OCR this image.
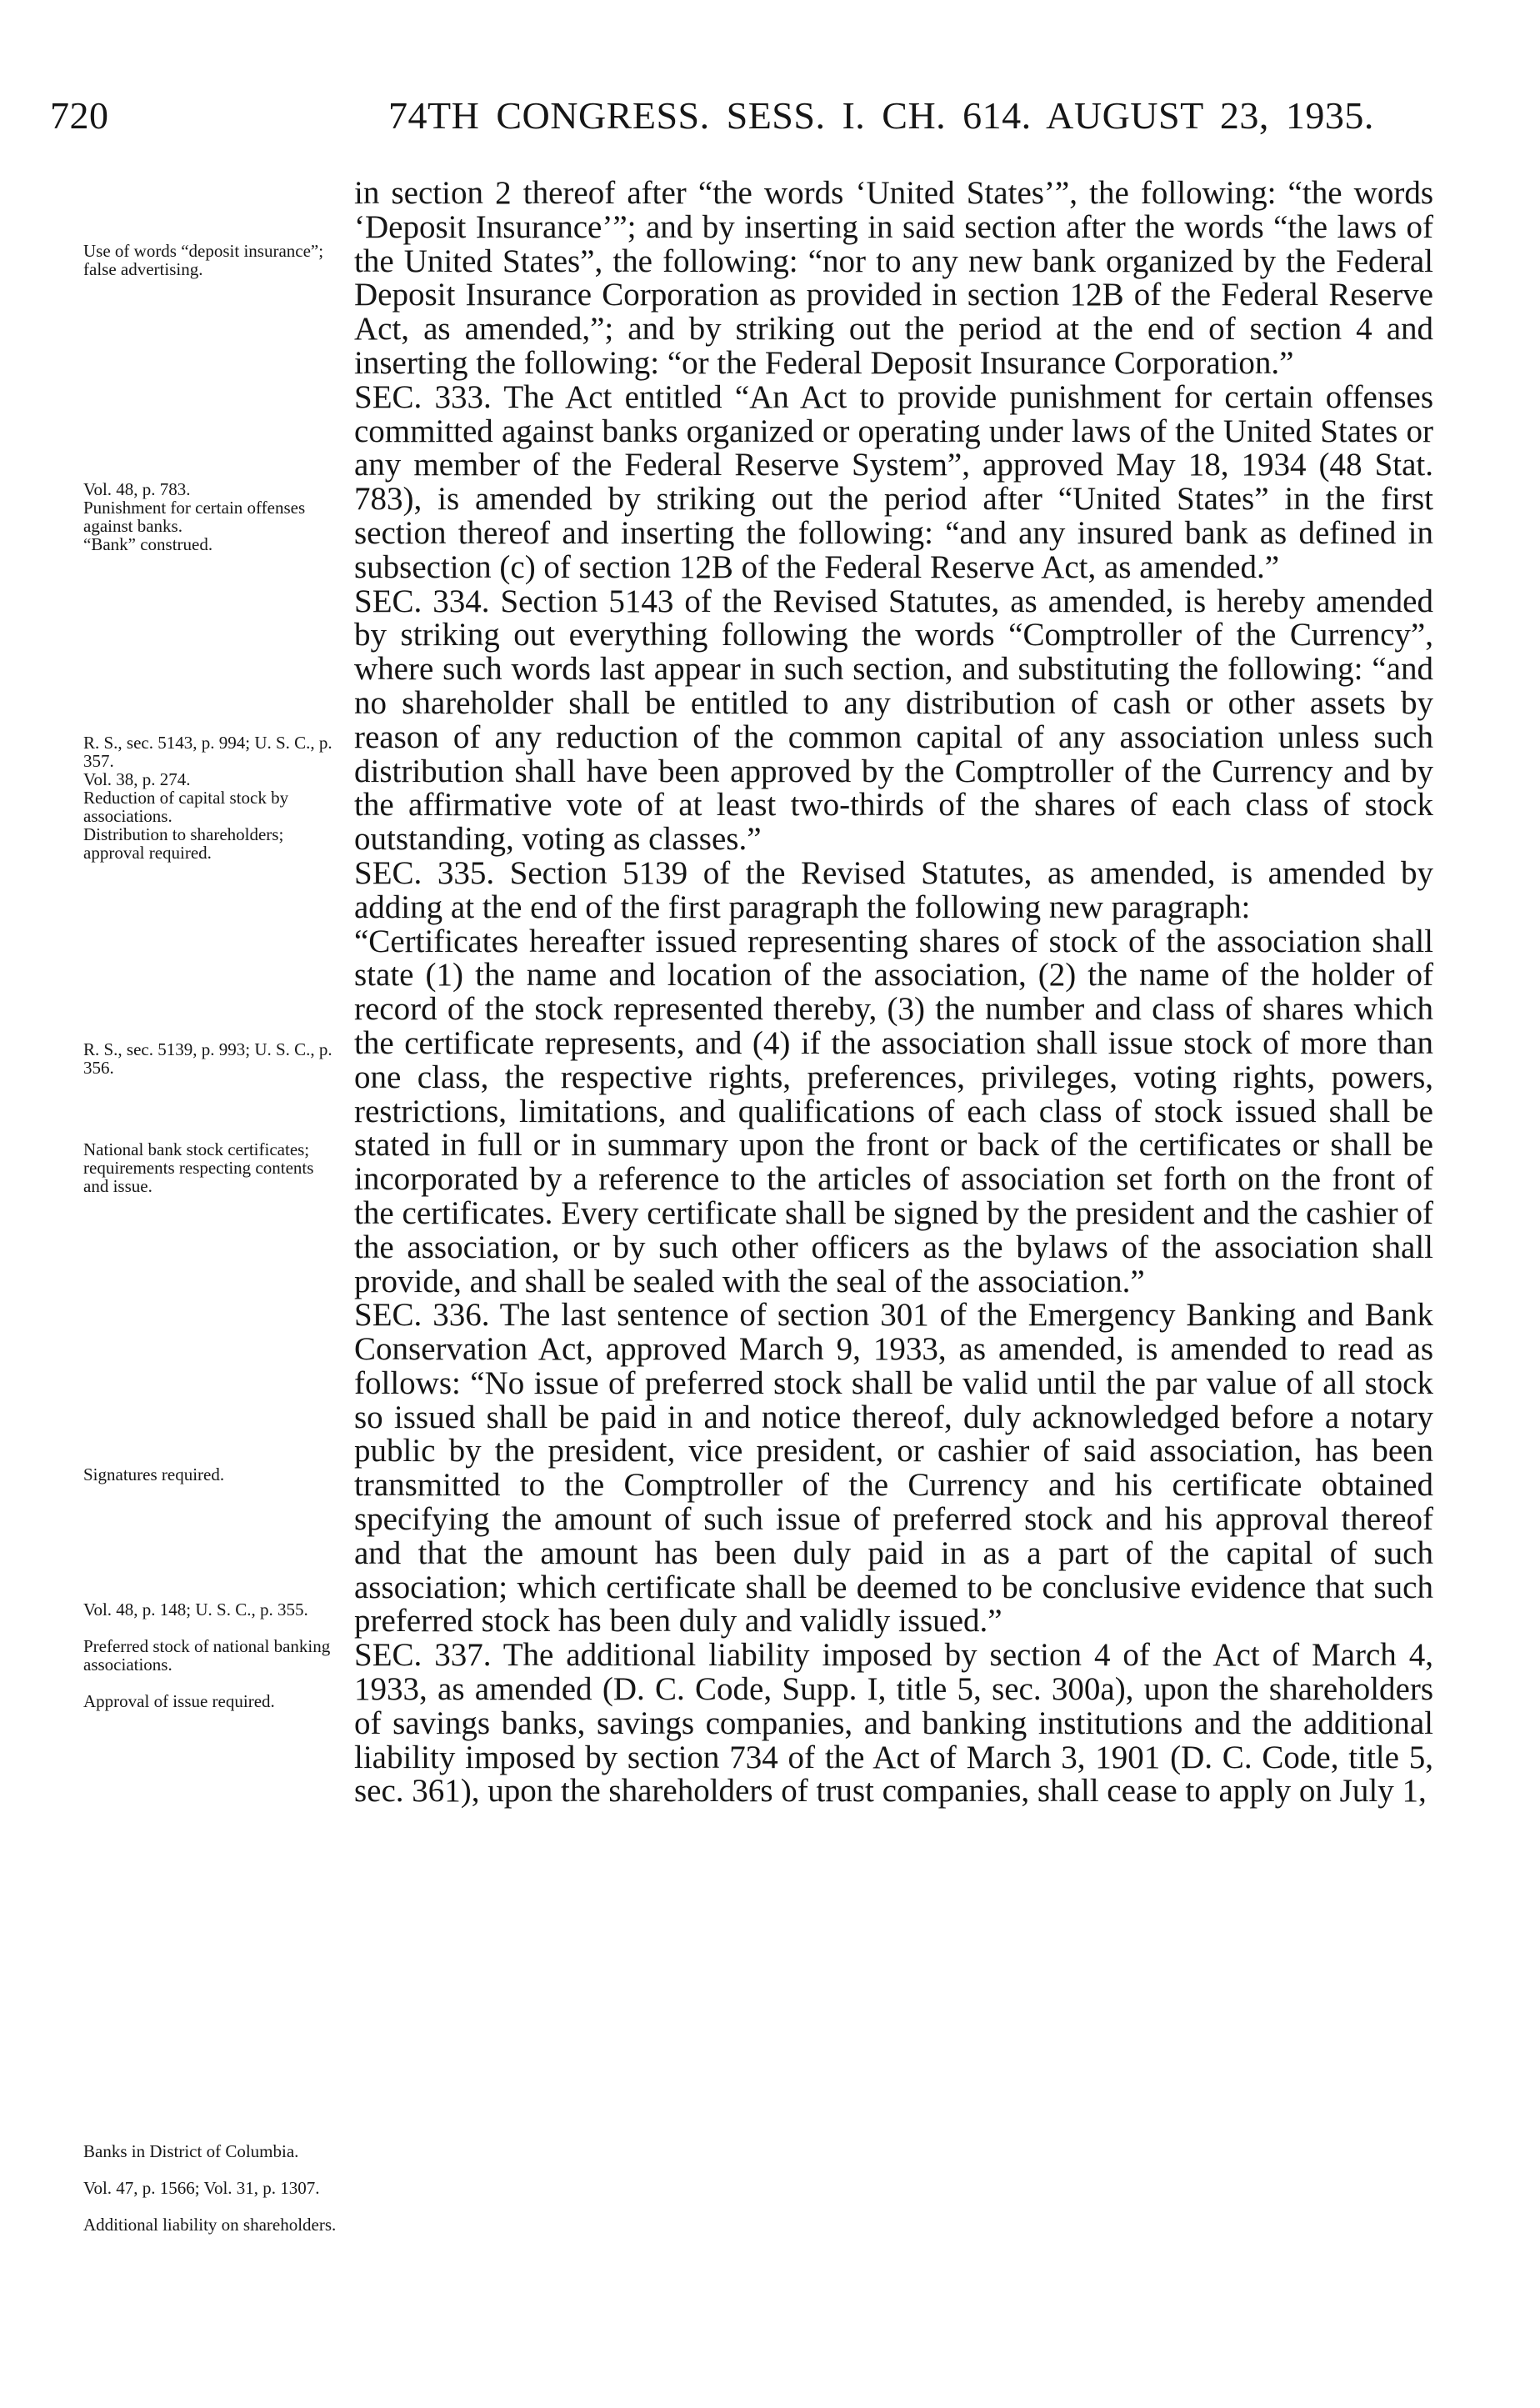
720	74TH CONGRESS. SESS. I. CH. 614. AUGUST 23, 1935.

in section 2 thereof after “the words ‘United States’”, the following: “the words ‘Deposit Insurance’”; and by inserting in said section after the words “the laws of the United States”, the following: “nor to any new bank organized by the Federal Deposit Insurance Corporation as provided in section 12B of the Federal Reserve Act, as amended,”; and by striking out the period at the end of section 4 and inserting the following: “or the Federal Deposit Insurance Corporation.”

SEC. 333. The Act entitled “An Act to provide punishment for certain offenses committed against banks organized or operating under laws of the United States or any member of the Federal Reserve System”, approved May 18, 1934 (48 Stat. 783), is amended by striking out the period after “United States” in the first section thereof and inserting the following: “and any insured bank as defined in subsection (c) of section 12B of the Federal Reserve Act, as amended.”

SEC. 334. Section 5143 of the Revised Statutes, as amended, is hereby amended by striking out everything following the words “Comptroller of the Currency”, where such words last appear in such section, and substituting the following: “and no shareholder shall be entitled to any distribution of cash or other assets by reason of any reduction of the common capital of any association unless such distribution shall have been approved by the Comptroller of the Currency and by the affirmative vote of at least two-thirds of the shares of each class of stock outstanding, voting as classes.”

SEC. 335. Section 5139 of the Revised Statutes, as amended, is amended by adding at the end of the first paragraph the following new paragraph:

“Certificates hereafter issued representing shares of stock of the association shall state (1) the name and location of the association, (2) the name of the holder of record of the stock represented thereby, (3) the number and class of shares which the certificate represents, and (4) if the association shall issue stock of more than one class, the respective rights, preferences, privileges, voting rights, powers, restrictions, limitations, and qualifications of each class of stock issued shall be stated in full or in summary upon the front or back of the certificates or shall be incorporated by a reference to the articles of association set forth on the front of the certificates. Every certificate shall be signed by the president and the cashier of the association, or by such other officers as the bylaws of the association shall provide, and shall be sealed with the seal of the association.”

SEC. 336. The last sentence of section 301 of the Emergency Banking and Bank Conservation Act, approved March 9, 1933, as amended, is amended to read as follows: “No issue of preferred stock shall be valid until the par value of all stock so issued shall be paid in and notice thereof, duly acknowledged before a notary public by the president, vice president, or cashier of said association, has been transmitted to the Comptroller of the Currency and his certificate obtained specifying the amount of such issue of preferred stock and his approval thereof and that the amount has been duly paid in as a part of the capital of such association; which certificate shall be deemed to be conclusive evidence that such preferred stock has been duly and validly issued.”

SEC. 337. The additional liability imposed by section 4 of the Act of March 4, 1933, as amended (D. C. Code, Supp. I, title 5, sec. 300a), upon the shareholders of savings banks, savings companies, and banking institutions and the additional liability imposed by section 734 of the Act of March 3, 1901 (D. C. Code, title 5, sec. 361), upon the shareholders of trust companies, shall cease to apply on July 1,

Use of words “deposit insurance”; false advertising.
Vol. 48, p. 783.
Punishment for certain offenses against banks.
“Bank” construed.
R. S., sec. 5143, p. 994; U. S. C., p. 357.
Vol. 38, p. 274.
Reduction of capital stock by associations.
Distribution to shareholders; approval required.
R. S., sec. 5139, p. 993; U. S. C., p. 356.
National bank stock certificates; requirements respecting contents and issue.
Signatures required.
Vol. 48, p. 148; U. S. C., p. 355.
Preferred stock of national banking associations.
Approval of issue required.
Banks in District of Columbia.
Vol. 47, p. 1566; Vol. 31, p. 1307.
Additional liability on shareholders.
